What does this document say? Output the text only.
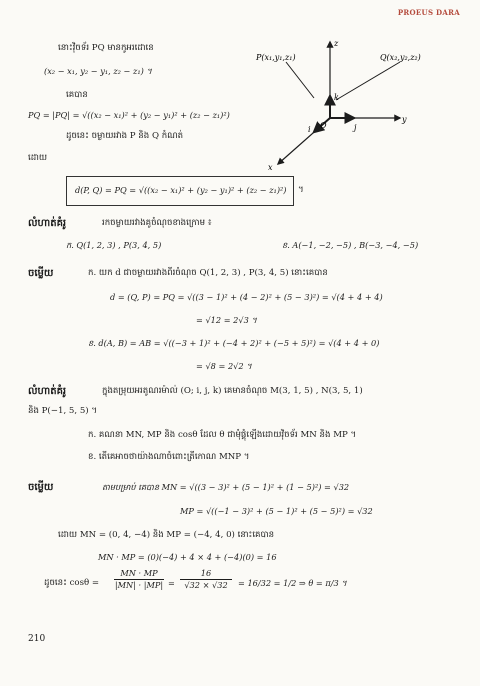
PROEUS DARA
នោះវ៉ិចទ័រ PQ មានកូអរដោនេ
(x₂ − x₁, y₂ − y₁, z₂ − z₁) ។
គេបាន
PQ = |PQ| = √((x₂ − x₁)² + (y₂ − y₁)² + (z₂ − z₁)²)
ដូចនេះ ចម្ងាយរវាង P និង Q កំណត់
ដោយ
d(P, Q) = PQ = √((x₂ − x₁)² + (y₂ − y₁)² + (z₂ − z₁)²) ។
P(x₁,y₁,z₁)	Q(x₂,y₂,z₂)
z
y
x
O
k
j
i
លំហាត់គំរូ	រកចម្ងាយរវាងគូចំណុចខាងក្រោម ៖
ក. Q(1, 2, 3) , P(3, 4, 5)	ខ. A(−1, −2, −5) , B(−3, −4, −5)
ចម្លើយ	ក. យក d ជាចម្ងាយរវាងពីរចំណុច Q(1, 2, 3) , P(3, 4, 5) នោះគេបាន
d = (Q, P) = PQ = √((3 − 1)² + (4 − 2)² + (5 − 3)²) = √(4 + 4 + 4)
= √12 = 2√3 ។
ខ. d(A, B) = AB = √((−3 + 1)² + (−4 + 2)² + (−5 + 5)²) = √(4 + 4 + 0)
= √8 = 2√2 ។
លំហាត់គំរូ	ក្នុងតម្រុយអរតូណរម៉ាល់ (O; i, j, k) គេមានចំណុច M(3, 1, 5) , N(3, 5, 1)
និង P(−1, 5, 5) ។
ក. គណនា MN, MP និង cosθ ដែល θ ជាមុំផ្គុំឡើងដោយវ៉ិចទ័រ MN និង MP ។
ខ. តើគេអាចថាយ៉ាងណាចំពោះត្រីកោណ MNP ។
ចម្លើយ	តាមបម្រាប់ គេបាន MN = √((3 − 3)² + (5 − 1)² + (1 − 5)²) = √32
MP = √((−1 − 3)² + (5 − 1)² + (5 − 5)²) = √32
ដោយ MN = (0, 4, −4) និង MP = (−4, 4, 0) នោះគេបាន
MN · MP = (0)(−4) + 4 × 4 + (−4)(0) = 16
ដូចនេះ $\cos\theta = \frac{MN \cdot MP}{|MN| \cdot |MP|} = \frac{16}{√32 \times √32} = 16/32 = 1/2$ ⇒ θ = π/3 ។
210
